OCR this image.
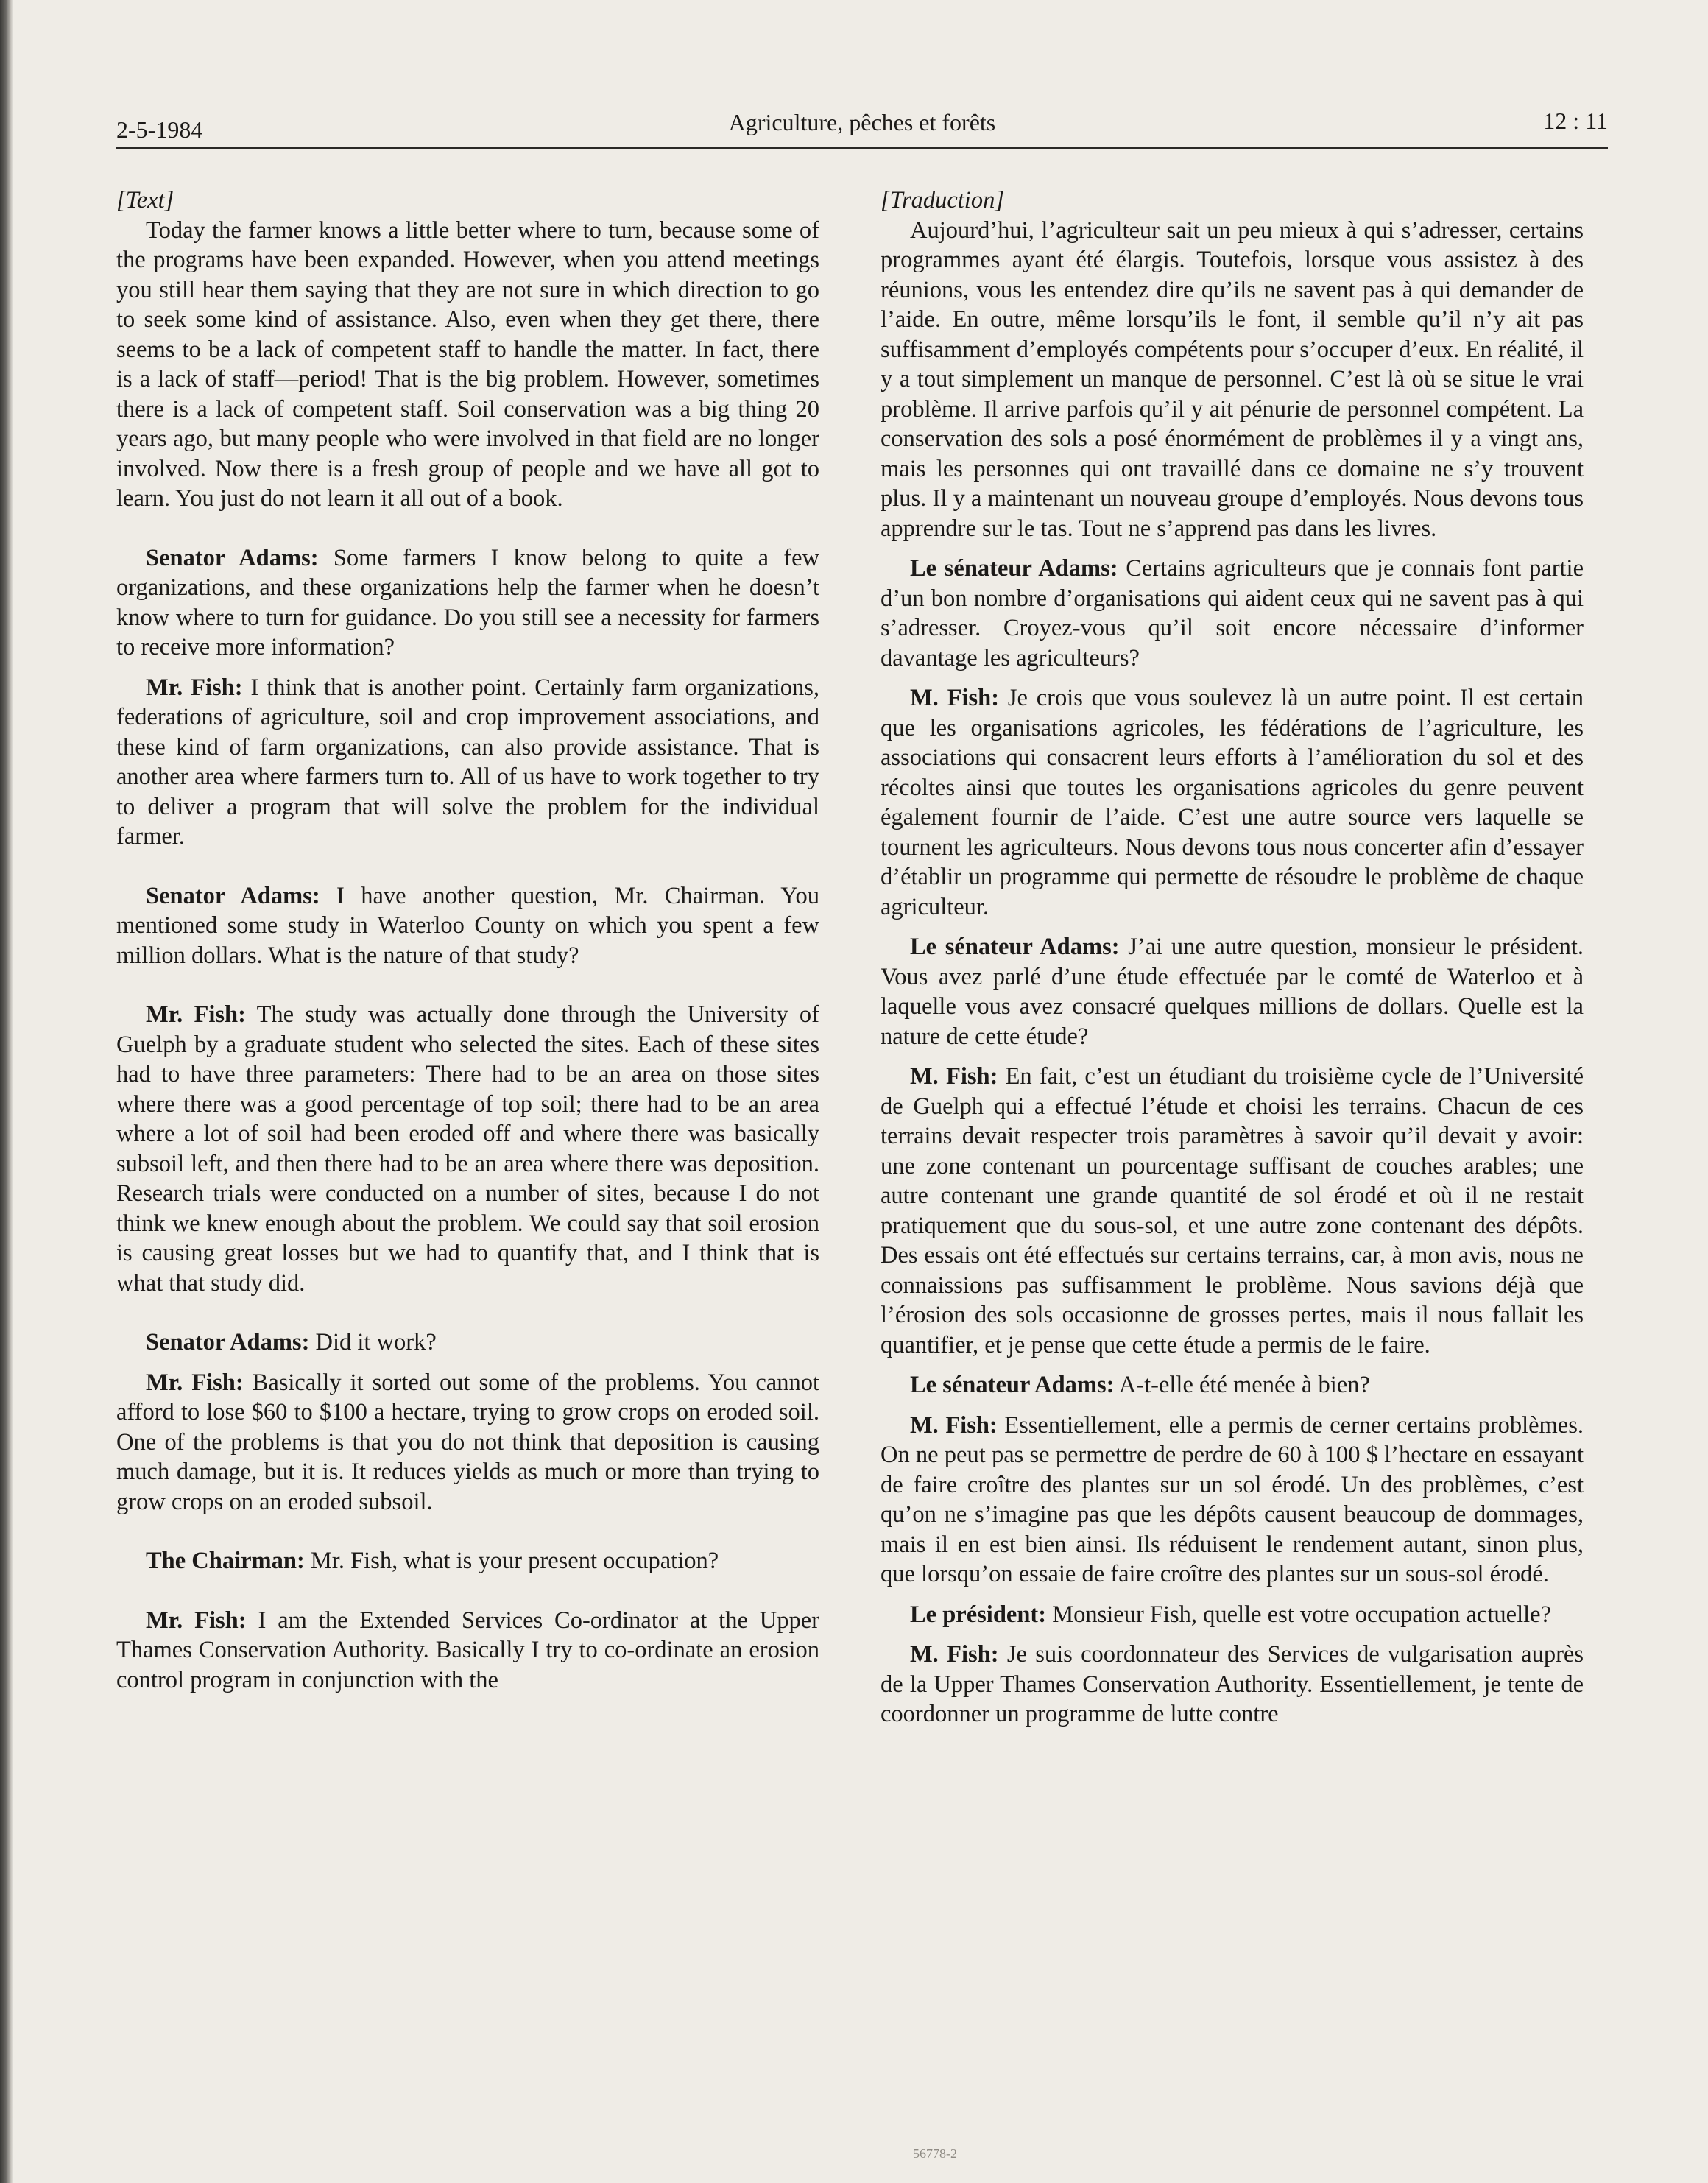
2-5-1984	Agriculture, pêches et forêts	12 : 11

[Text]

Today the farmer knows a little better where to turn, because some of the programs have been expanded. However, when you attend meetings you still hear them saying that they are not sure in which direction to go to seek some kind of assistance. Also, even when they get there, there seems to be a lack of competent staff to handle the matter. In fact, there is a lack of staff—period! That is the big problem. However, sometimes there is a lack of competent staff. Soil conservation was a big thing 20 years ago, but many people who were involved in that field are no longer involved. Now there is a fresh group of people and we have all got to learn. You just do not learn it all out of a book.

Senator Adams: Some farmers I know belong to quite a few organizations, and these organizations help the farmer when he doesn’t know where to turn for guidance. Do you still see a necessity for farmers to receive more information?

Mr. Fish: I think that is another point. Certainly farm organizations, federations of agriculture, soil and crop improvement associations, and these kind of farm organizations, can also provide assistance. That is another area where farmers turn to. All of us have to work together to try to deliver a program that will solve the problem for the individual farmer.

Senator Adams: I have another question, Mr. Chairman. You mentioned some study in Waterloo County on which you spent a few million dollars. What is the nature of that study?

Mr. Fish: The study was actually done through the University of Guelph by a graduate student who selected the sites. Each of these sites had to have three parameters: There had to be an area on those sites where there was a good percentage of top soil; there had to be an area where a lot of soil had been eroded off and where there was basically subsoil left, and then there had to be an area where there was deposition. Research trials were conducted on a number of sites, because I do not think we knew enough about the problem. We could say that soil erosion is causing great losses but we had to quantify that, and I think that is what that study did.

Senator Adams: Did it work?

Mr. Fish: Basically it sorted out some of the problems. You cannot afford to lose $60 to $100 a hectare, trying to grow crops on eroded soil. One of the problems is that you do not think that deposition is causing much damage, but it is. It reduces yields as much or more than trying to grow crops on an eroded subsoil.

The Chairman: Mr. Fish, what is your present occupation?

Mr. Fish: I am the Extended Services Co-ordinator at the Upper Thames Conservation Authority. Basically I try to co-ordinate an erosion control program in conjunction with the

[Traduction]

Aujourd’hui, l’agriculteur sait un peu mieux à qui s’adresser, certains programmes ayant été élargis. Toutefois, lorsque vous assistez à des réunions, vous les entendez dire qu’ils ne savent pas à qui demander de l’aide. En outre, même lorsqu’ils le font, il semble qu’il n’y ait pas suffisamment d’employés compétents pour s’occuper d’eux. En réalité, il y a tout simplement un manque de personnel. C’est là où se situe le vrai problème. Il arrive parfois qu’il y ait pénurie de personnel compétent. La conservation des sols a posé énormément de problèmes il y a vingt ans, mais les personnes qui ont travaillé dans ce domaine ne s’y trouvent plus. Il y a maintenant un nouveau groupe d’employés. Nous devons tous apprendre sur le tas. Tout ne s’apprend pas dans les livres.

Le sénateur Adams: Certains agriculteurs que je connais font partie d’un bon nombre d’organisations qui aident ceux qui ne savent pas à qui s’adresser. Croyez-vous qu’il soit encore nécessaire d’informer davantage les agriculteurs?

M. Fish: Je crois que vous soulevez là un autre point. Il est certain que les organisations agricoles, les fédérations de l’agriculture, les associations qui consacrent leurs efforts à l’amélioration du sol et des récoltes ainsi que toutes les organisations agricoles du genre peuvent également fournir de l’aide. C’est une autre source vers laquelle se tournent les agriculteurs. Nous devons tous nous concerter afin d’essayer d’établir un programme qui permette de résoudre le problème de chaque agriculteur.

Le sénateur Adams: J’ai une autre question, monsieur le président. Vous avez parlé d’une étude effectuée par le comté de Waterloo et à laquelle vous avez consacré quelques millions de dollars. Quelle est la nature de cette étude?

M. Fish: En fait, c’est un étudiant du troisième cycle de l’Université de Guelph qui a effectué l’étude et choisi les terrains. Chacun de ces terrains devait respecter trois paramètres à savoir qu’il devait y avoir: une zone contenant un pourcentage suffisant de couches arables; une autre contenant une grande quantité de sol érodé et où il ne restait pratiquement que du sous-sol, et une autre zone contenant des dépôts. Des essais ont été effectués sur certains terrains, car, à mon avis, nous ne connaissions pas suffisamment le problème. Nous savions déjà que l’érosion des sols occasionne de grosses pertes, mais il nous fallait les quantifier, et je pense que cette étude a permis de le faire.

Le sénateur Adams: A-t-elle été menée à bien?

M. Fish: Essentiellement, elle a permis de cerner certains problèmes. On ne peut pas se permettre de perdre de 60 à 100 $ l’hectare en essayant de faire croître des plantes sur un sol érodé. Un des problèmes, c’est qu’on ne s’imagine pas que les dépôts causent beaucoup de dommages, mais il en est bien ainsi. Ils réduisent le rendement autant, sinon plus, que lorsqu’on essaie de faire croître des plantes sur un sous-sol érodé.

Le président: Monsieur Fish, quelle est votre occupation actuelle?

M. Fish: Je suis coordonnateur des Services de vulgarisation auprès de la Upper Thames Conservation Authority. Essentiellement, je tente de coordonner un programme de lutte contre

56778-2
